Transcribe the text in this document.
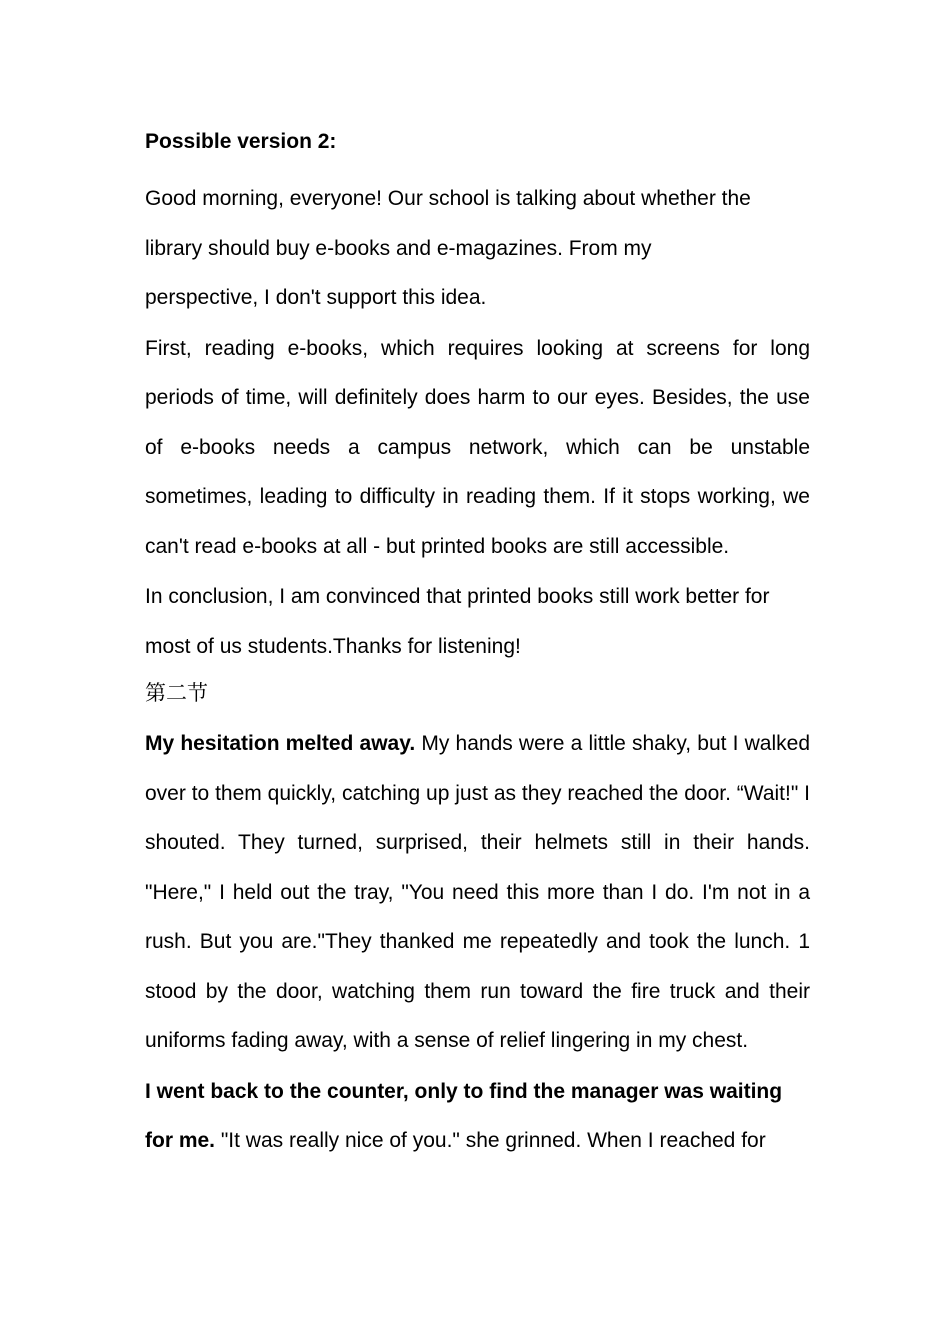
Possible version 2:

Good morning, everyone! Our school is talking about whether the library should buy e-books and e-magazines. From my perspective, I don't support this idea.

First, reading e-books, which requires looking at screens for long periods of time, will definitely does harm to our eyes. Besides, the use of e-books needs a campus network, which can be unstable sometimes, leading to difficulty in reading them. If it stops working, we can't read e-books at all - but printed books are still accessible.

In conclusion, I am convinced that printed books still work better for most of us students.Thanks for listening!

第二节

My hesitation melted away. My hands were a little shaky, but I walked over to them quickly, catching up just as they reached the door. “Wait!" I shouted. They turned, surprised, their helmets still in their hands. "Here," I held out the tray, "You need this more than I do. I'm not in a rush. But you are."They thanked me repeatedly and took the lunch. 1 stood by the door, watching them run toward the fire truck and their uniforms fading away, with a sense of relief lingering in my chest.

I went back to the counter, only to find the manager was waiting for me. "It was really nice of you." she grinned. When I reached for
